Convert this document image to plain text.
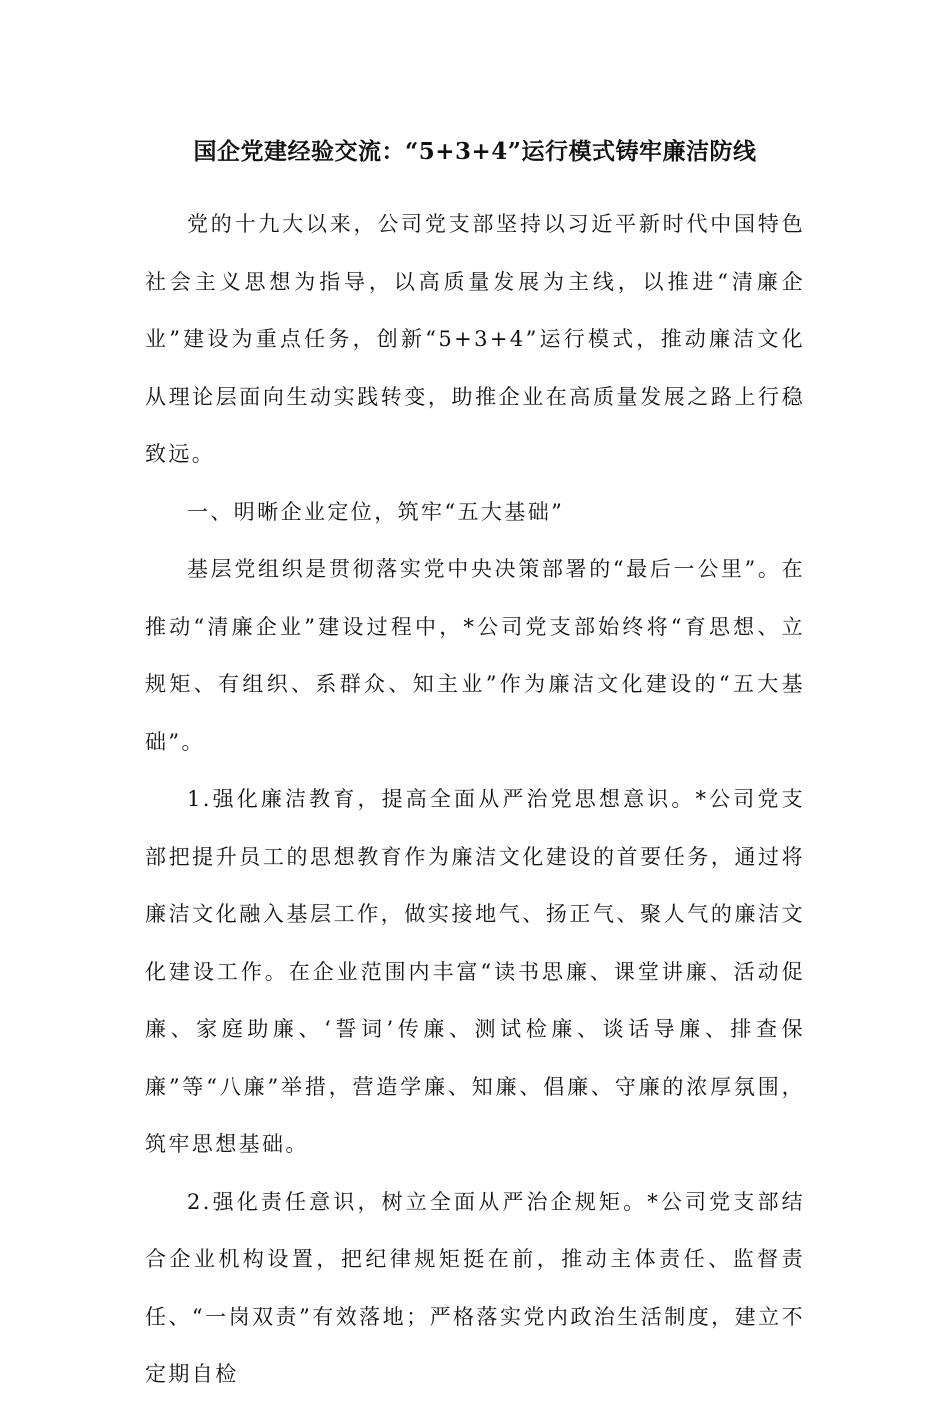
国企党建经验交流：“5+3+4”运行模式铸牢廉洁防线

党的十九大以来，公司党支部坚持以习近平新时代中国特色社会主义思想为指导，以高质量发展为主线，以推进“清廉企业”建设为重点任务，创新“5+3+4”运行模式，推动廉洁文化从理论层面向生动实践转变，助推企业在高质量发展之路上行稳致远。

一、明晰企业定位，筑牢“五大基础”

基层党组织是贯彻落实党中央决策部署的“最后一公里”。在推动“清廉企业”建设过程中，*公司党支部始终将“育思想、立规矩、有组织、系群众、知主业”作为廉洁文化建设的“五大基础”。

1.强化廉洁教育，提高全面从严治党思想意识。*公司党支部把提升员工的思想教育作为廉洁文化建设的首要任务，通过将廉洁文化融入基层工作，做实接地气、扬正气、聚人气的廉洁文化建设工作。在企业范围内丰富“读书思廉、课堂讲廉、活动促廉、家庭助廉、‘誓词’传廉、测试检廉、谈话导廉、排查保廉”等“八廉”举措，营造学廉、知廉、倡廉、守廉的浓厚氛围，筑牢思想基础。

2.强化责任意识，树立全面从严治企规矩。*公司党支部结合企业机构设置，把纪律规矩挺在前，推动主体责任、监督责任、“一岗双责”有效落地；严格落实党内政治生活制度，建立不定期自检
